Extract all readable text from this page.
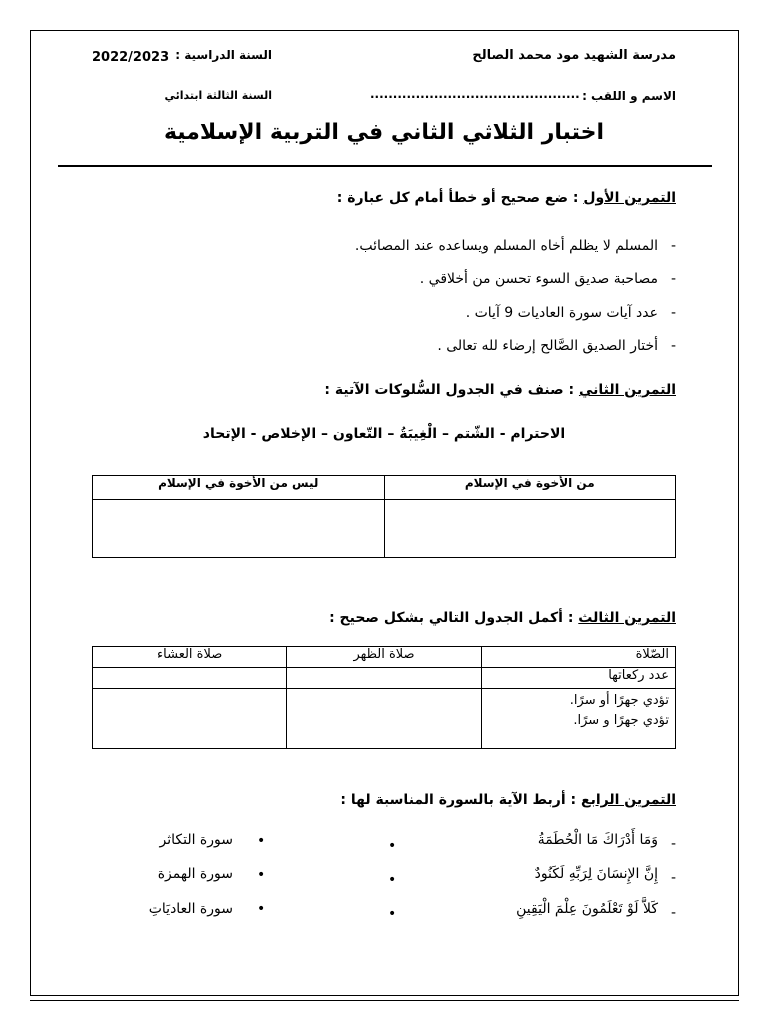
مدرسة الشهيد مود محمد الصالح
السنة الدراسية :
2022/2023
الاسم و اللقب :
..............................................
السنة الثالثة ابتدائي
اختبار الثلاثي الثاني في التربية الإسلامية
التمرين الأول : ضع صحيح أو خطأ أمام كل عبارة :
-
المسلم لا يظلم أخاه المسلم ويساعده عند المصائب.
-
مصاحبة صديق السوء تحسن من أخلاقي .
-
عدد آيات سورة العاديات 9 آيات .
-
أختار الصديق الصَّالح إرضاء لله تعالى .
التمرين الثاني : صنف في الجدول السُّلوكات الآتية :
الاحترام - الشّتم – الْغِيبَةُ – التّعاون – الإخلاص - الإتحاد
من الأخوة في الإسلام	ليس من الأخوة في الإسلام

التمرين الثالث : أكمل الجدول التالي بشكل صحيح :
الصّلاة	صلاة الظهر	صلاة العشاء
عدد ركعاتها		

تؤدي جهرًا أو سرًا.
تؤدي جهرًا و سرًا.		

التمرين الرابع : أربط الآية بالسورة المناسبة لها :
-
وَمَا أَدْرَاكَ مَا الْحُطَمَةُ
•
•
سورة التكاثر
-
إِنَّ الإِنسَانَ لِرَبِّهِ لَكَنُودٌ
•
•
سورة الهمزة
-
كَلاَّ لَوْ تَعْلَمُونَ عِلْمَ الْيَقِينِ
•
•
سورة العاديَاتِ
